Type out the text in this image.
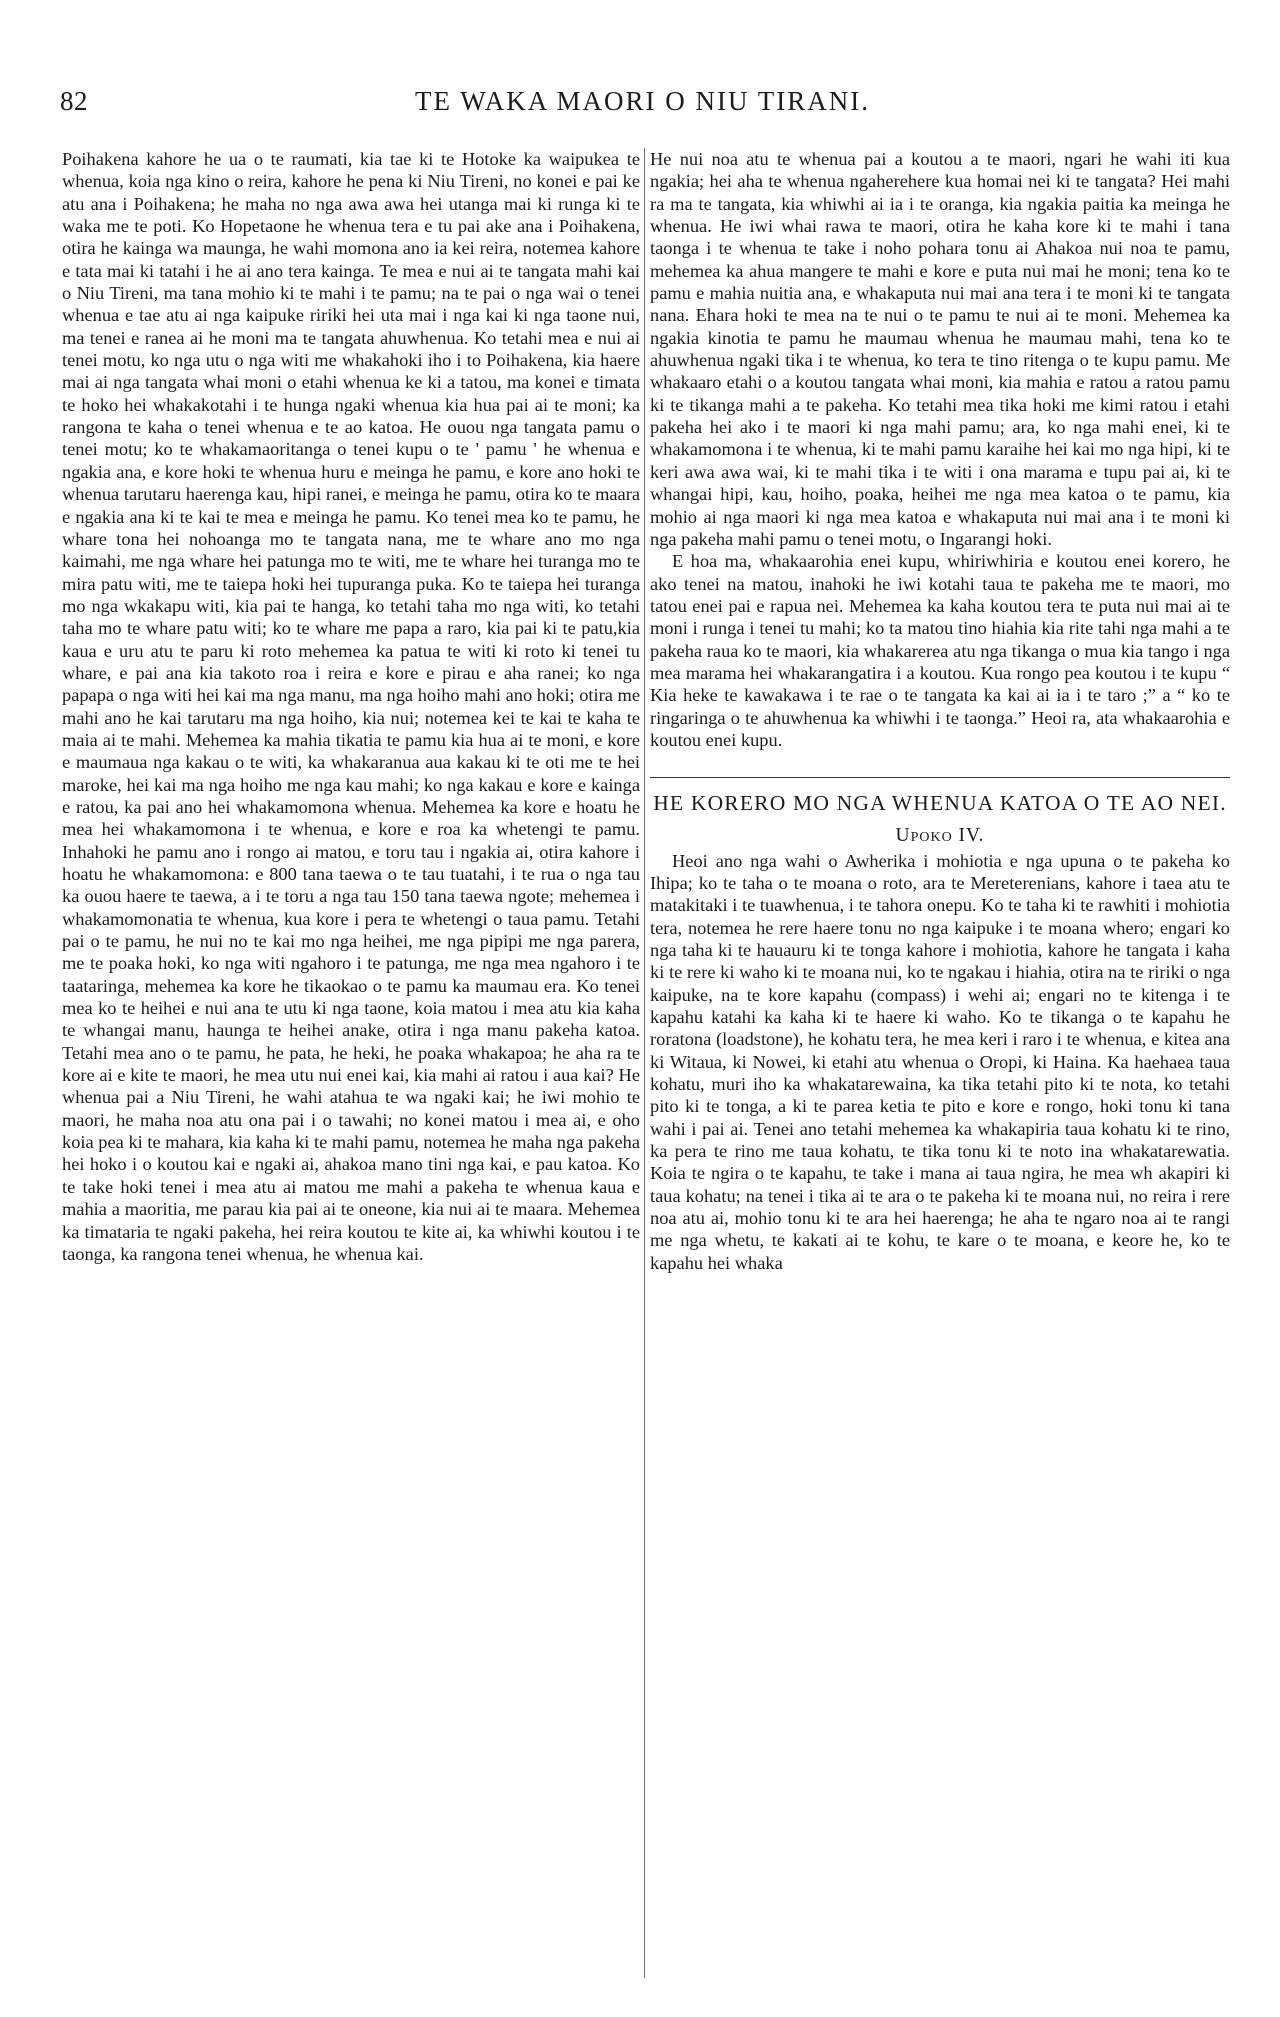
82	TE WAKA MAORI O NIU TIRANI.

Poihakena kahore he ua o te raumati, kia tae ki te Hotoke ka waipukea te whenua, koia nga kino o reira, kahore he pena ki Niu Tireni, no konei e pai ke atu ana i Poihakena; he maha no nga awa awa hei utanga mai ki runga ki te waka me te poti. Ko Hopetaone he whenua tera e tu pai ake ana i Poihakena, otira he kainga wa maunga, he wahi momona ano ia kei reira, notemea kahore e tata mai ki tatahi i he ai ano tera kainga. Te mea e nui ai te tangata mahi kai o Niu Tireni, ma tana mohio ki te mahi i te pamu; na te pai o nga wai o tenei whenua e tae atu ai nga kaipuke ririki hei uta mai i nga kai ki nga taone nui, ma tenei e ranea ai he moni ma te tangata ahuwhenua. Ko tetahi mea e nui ai tenei motu, ko nga utu o nga witi me whakahoki iho i to Poihakena, kia haere mai ai nga tangata whai moni o etahi whenua ke ki a tatou, ma konei e timata te hoko hei whakakotahi i te hunga ngaki whenua kia hua pai ai te moni; ka rangona te kaha o tenei whenua e te ao katoa. He ouou nga tangata pamu o tenei motu; ko te whakamaoritanga o tenei kupu o te ' pamu ' he whenua e ngakia ana, e kore hoki te whenua huru e meinga he pamu, e kore ano hoki te whenua tarutaru haerenga kau, hipi ranei, e meinga he pamu, otira ko te maara e ngakia ana ki te kai te mea e meinga he pamu. Ko tenei mea ko te pamu, he whare tona hei nohoanga mo te tangata nana, me te whare ano mo nga kaimahi, me nga whare hei patunga mo te witi, me te whare hei turanga mo te mira patu witi, me te taiepa hoki hei tupuranga puka. Ko te taiepa hei turanga mo nga wkakapu witi, kia pai te hanga, ko tetahi taha mo nga witi, ko tetahi taha mo te whare patu witi; ko te whare me papa a raro, kia pai ki te patu,kia kaua e uru atu te paru ki roto mehemea ka patua te witi ki roto ki tenei tu whare, e pai ana kia takoto roa i reira e kore e pirau e aha ranei; ko nga papapa o nga witi hei kai ma nga manu, ma nga hoiho mahi ano hoki; otira me mahi ano he kai tarutaru ma nga hoiho, kia nui; notemea kei te kai te kaha te maia ai te mahi. Mehemea ka mahia tikatia te pamu kia hua ai te moni, e kore e maumaua nga kakau o te witi, ka whakaranua aua kakau ki te oti me te hei maroke, hei kai ma nga hoiho me nga kau mahi; ko nga kakau e kore e kainga e ratou, ka pai ano hei whakamomona whenua. Mehemea ka kore e hoatu he mea hei whakamomona i te whenua, e kore e roa ka whetengi te pamu. Inhahoki he pamu ano i rongo ai matou, e toru tau i ngakia ai, otira kahore i hoatu he whakamomona: e 800 tana taewa o te tau tuatahi, i te rua o nga tau ka ouou haere te taewa, a i te toru a nga tau 150 tana taewa ngote; mehemea i whakamomonatia te whenua, kua kore i pera te whetengi o taua pamu. Tetahi pai o te pamu, he nui no te kai mo nga heihei, me nga pipipi me nga parera, me te poaka hoki, ko nga witi ngahoro i te patunga, me nga mea ngahoro i te taataringa, mehemea ka kore he tikaokao o te pamu ka maumau era. Ko tenei mea ko te heihei e nui ana te utu ki nga taone, koia matou i mea atu kia kaha te whangai manu, haunga te heihei anake, otira i nga manu pakeha katoa. Tetahi mea ano o te pamu, he pata, he heki, he poaka whakapoa; he aha ra te kore ai e kite te maori, he mea utu nui enei kai, kia mahi ai ratou i aua kai? He whenua pai a Niu Tireni, he wahi atahua te wa ngaki kai; he iwi mohio te maori, he maha noa atu ona pai i o tawahi; no konei matou i mea ai, e oho koia pea ki te mahara, kia kaha ki te mahi pamu, notemea he maha nga pakeha hei hoko i o koutou kai e ngaki ai, ahakoa mano tini nga kai, e pau katoa. Ko te take hoki tenei i mea atu ai matou me mahi a pakeha te whenua kaua e mahia a maoritia, me parau kia pai ai te oneone, kia nui ai te maara. Mehemea ka timataria te ngaki pakeha, hei reira koutou te kite ai, ka whiwhi koutou i te taonga, ka rangona tenei whenua, he whenua kai.

He nui noa atu te whenua pai a koutou a te maori, ngari he wahi iti kua ngakia; hei aha te whenua ngaherehere kua homai nei ki te tangata? Hei mahi ra ma te tangata, kia whiwhi ai ia i te oranga, kia ngakia paitia ka meinga he whenua. He iwi whai rawa te maori, otira he kaha kore ki te mahi i tana taonga i te whenua te take i noho pohara tonu ai Ahakoa nui noa te pamu, mehemea ka ahua mangere te mahi e kore e puta nui mai he moni; tena ko te pamu e mahia nuitia ana, e whakaputa nui mai ana tera i te moni ki te tangata nana. Ehara hoki te mea na te nui o te pamu te nui ai te moni. Mehemea ka ngakia kinotia te pamu he maumau whenua he maumau mahi, tena ko te ahuwhenua ngaki tika i te whenua, ko tera te tino ritenga o te kupu pamu. Me whakaaro etahi o a koutou tangata whai moni, kia mahia e ratou a ratou pamu ki te tikanga mahi a te pakeha. Ko tetahi mea tika hoki me kimi ratou i etahi pakeha hei ako i te maori ki nga mahi pamu; ara, ko nga mahi enei, ki te whakamomona i te whenua, ki te mahi pamu karaihe hei kai mo nga hipi, ki te keri awa awa wai, ki te mahi tika i te witi i ona marama e tupu pai ai, ki te whangai hipi, kau, hoiho, poaka, heihei me nga mea katoa o te pamu, kia mohio ai nga maori ki nga mea katoa e whakaputa nui mai ana i te moni ki nga pakeha mahi pamu o tenei motu, o Ingarangi hoki.

E hoa ma, whakaarohia enei kupu, whiriwhiria e koutou enei korero, he ako tenei na matou, inahoki he iwi kotahi taua te pakeha me te maori, mo tatou enei pai e rapua nei. Mehemea ka kaha koutou tera te puta nui mai ai te moni i runga i tenei tu mahi; ko ta matou tino hiahia kia rite tahi nga mahi a te pakeha raua ko te maori, kia whakarerea atu nga tikanga o mua kia tango i nga mea marama hei whakarangatira i a koutou. Kua rongo pea koutou i te kupu “ Kia heke te kawakawa i te rae o te tangata ka kai ai ia i te taro ;” a “ ko te ringaringa o te ahuwhenua ka whiwhi i te taonga.” Heoi ra, ata whakaarohia e koutou enei kupu.

HE KORERO MO NGA WHENUA KATOA O TE AO NEI.
Upoko IV.

Heoi ano nga wahi o Awherika i mohiotia e nga upuna o te pakeha ko Ihipa; ko te taha o te moana o roto, ara te Mereterenians, kahore i taea atu te matakitaki i te tuawhenua, i te tahora onepu. Ko te taha ki te rawhiti i mohiotia tera, notemea he rere haere tonu no nga kaipuke i te moana whero; engari ko nga taha ki te hauauru ki te tonga kahore i mohiotia, kahore he tangata i kaha ki te rere ki waho ki te moana nui, ko te ngakau i hiahia, otira na te ririki o nga kaipuke, na te kore kapahu (compass) i wehi ai; engari no te kitenga i te kapahu katahi ka kaha ki te haere ki waho. Ko te tikanga o te kapahu he roratona (loadstone), he kohatu tera, he mea keri i raro i te whenua, e kitea ana ki Witaua, ki Nowei, ki etahi atu whenua o Oropi, ki Haina. Ka haehaea taua kohatu, muri iho ka whakatarewaina, ka tika tetahi pito ki te nota, ko tetahi pito ki te tonga, a ki te parea ketia te pito e kore e rongo, hoki tonu ki tana wahi i pai ai. Tenei ano tetahi mehemea ka whakapiria taua kohatu ki te rino, ka pera te rino me taua kohatu, te tika tonu ki te noto ina whakatarewatia. Koia te ngira o te kapahu, te take i mana ai taua ngira, he mea wh akapiri ki taua kohatu; na tenei i tika ai te ara o te pakeha ki te moana nui, no reira i rere noa atu ai, mohio tonu ki te ara hei haerenga; he aha te ngaro noa ai te rangi me nga whetu, te kakati ai te kohu, te kare o te moana, e keore he, ko te kapahu hei whaka
